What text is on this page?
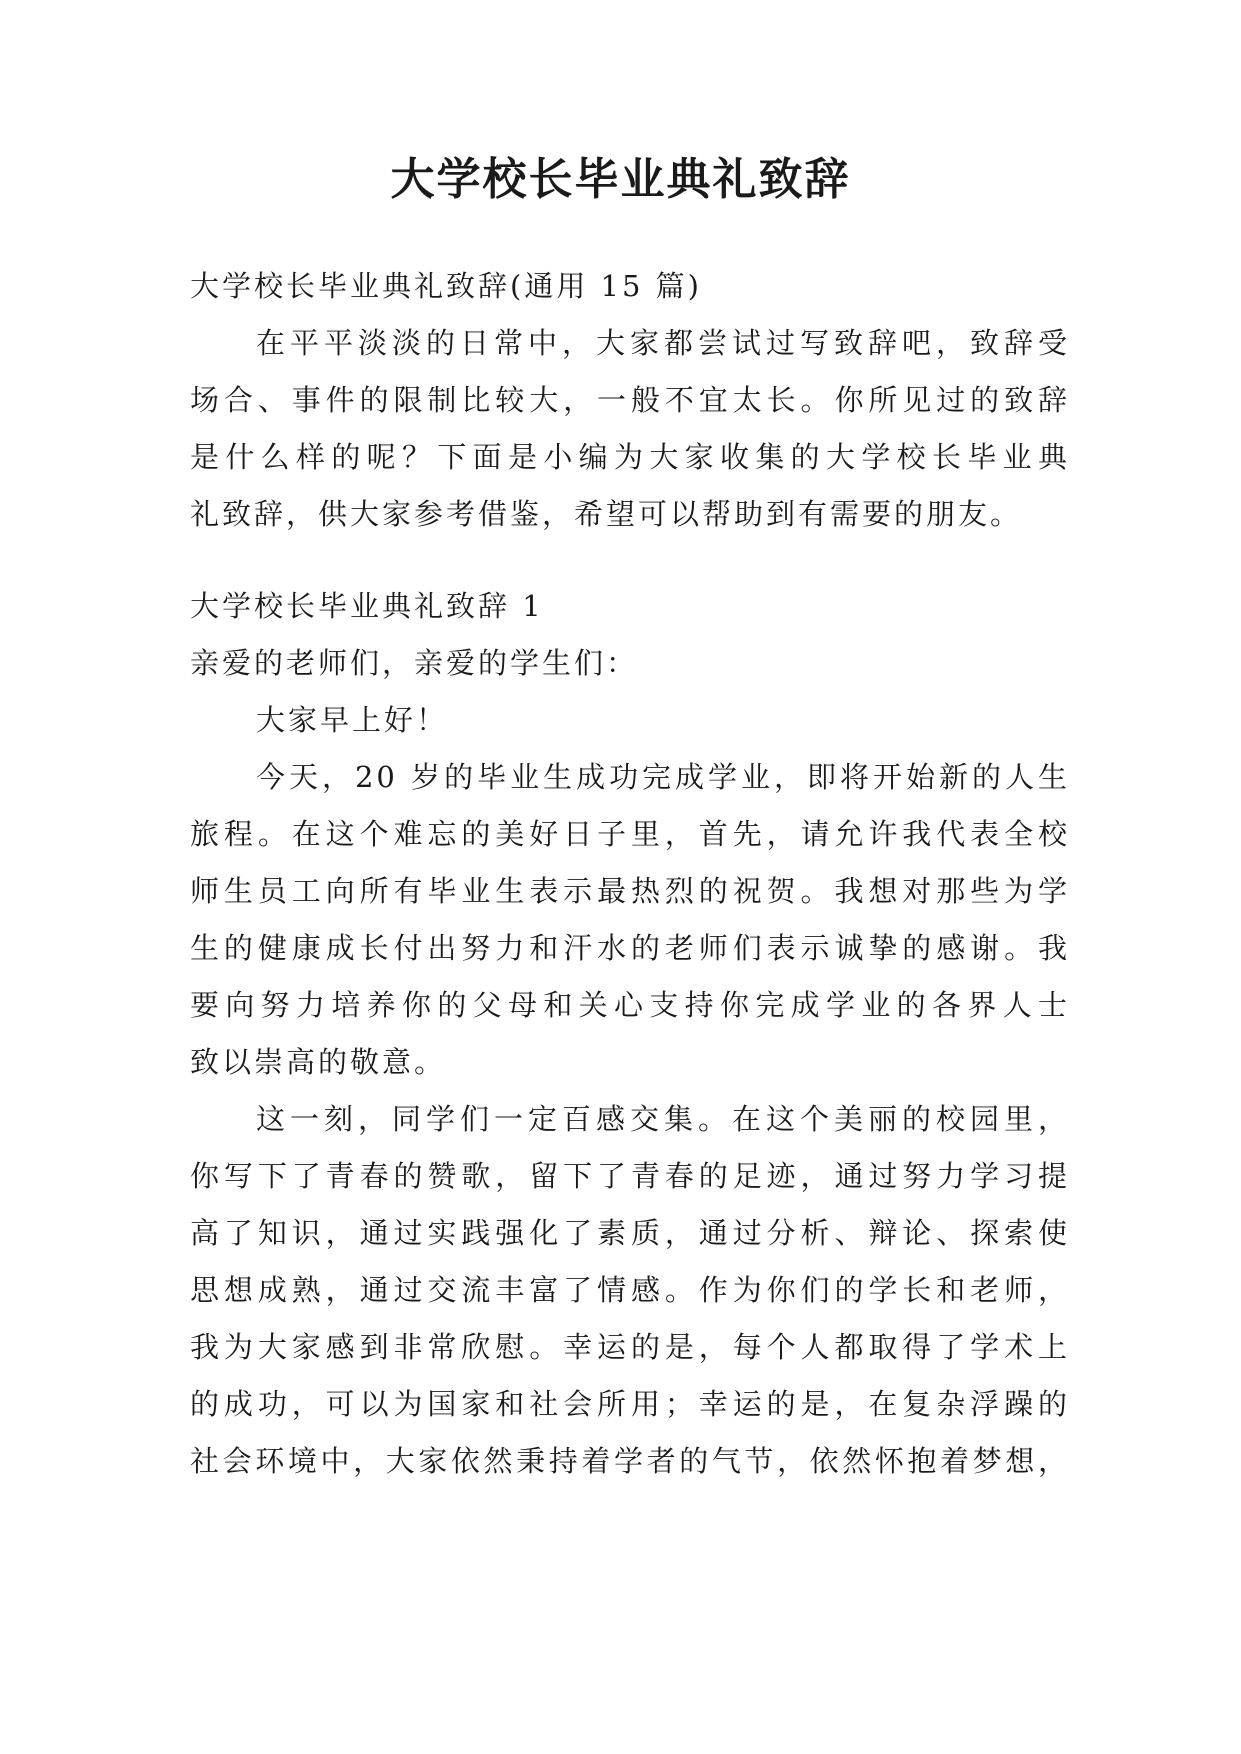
大学校长毕业典礼致辞
大学校长毕业典礼致辞(通用 15 篇)
在平平淡淡的日常中，大家都尝试过写致辞吧，致辞受
场合、事件的限制比较大，一般不宜太长。你所见过的致辞
是什么样的呢？下面是小编为大家收集的大学校长毕业典
礼致辞，供大家参考借鉴，希望可以帮助到有需要的朋友。
大学校长毕业典礼致辞 1
亲爱的老师们，亲爱的学生们：
大家早上好！
今天，20 岁的毕业生成功完成学业，即将开始新的人生
旅程。在这个难忘的美好日子里，首先，请允许我代表全校
师生员工向所有毕业生表示最热烈的祝贺。我想对那些为学
生的健康成长付出努力和汗水的老师们表示诚挚的感谢。我
要向努力培养你的父母和关心支持你完成学业的各界人士
致以崇高的敬意。
这一刻，同学们一定百感交集。在这个美丽的校园里，
你写下了青春的赞歌，留下了青春的足迹，通过努力学习提
高了知识，通过实践强化了素质，通过分析、辩论、探索使
思想成熟，通过交流丰富了情感。作为你们的学长和老师，
我为大家感到非常欣慰。幸运的是，每个人都取得了学术上
的成功，可以为国家和社会所用；幸运的是，在复杂浮躁的
社会环境中，大家依然秉持着学者的气节，依然怀抱着梦想，
